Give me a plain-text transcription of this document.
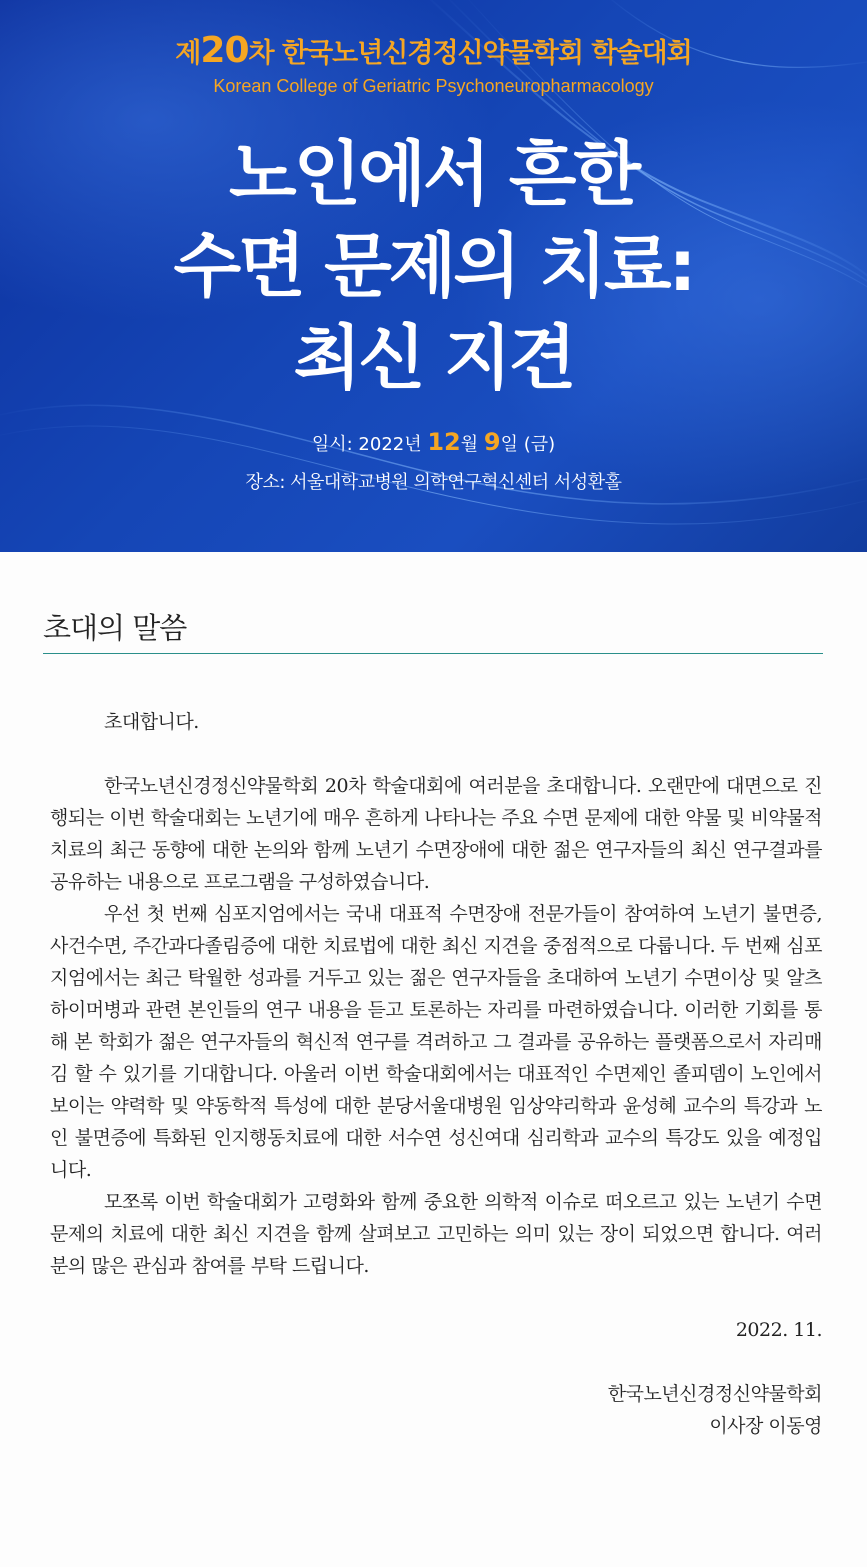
제20차 한국노년신경정신약물학회 학술대회
Korean College of Geriatric Psychoneuropharmacology
노인에서 흔한
수면 문제의 치료:
최신 지견
일시: 2022년 12월 9일 (금)
장소: 서울대학교병원 의학연구혁신센터 서성환홀
초대의 말씀

초대합니다.

한국노년신경정신약물학회 20차 학술대회에 여러분을 초대합니다. 오랜만에 대면으로 진행되는 이번 학술대회는 노년기에 매우 흔하게 나타나는 주요 수면 문제에 대한 약물 및 비약물적 치료의 최근 동향에 대한 논의와 함께 노년기 수면장애에 대한 젊은 연구자들의 최신 연구결과를 공유하는 내용으로 프로그램을 구성하였습니다.

우선 첫 번째 심포지엄에서는 국내 대표적 수면장애 전문가들이 참여하여 노년기 불면증, 사건수면, 주간과다졸림증에 대한 치료법에 대한 최신 지견을 중점적으로 다룹니다. 두 번째 심포지엄에서는 최근 탁월한 성과를 거두고 있는 젊은 연구자들을 초대하여 노년기 수면이상 및 알츠하이머병과 관련 본인들의 연구 내용을 듣고 토론하는 자리를 마련하였습니다. 이러한 기회를 통해 본 학회가 젊은 연구자들의 혁신적 연구를 격려하고 그 결과를 공유하는 플랫폼으로서 자리매김 할 수 있기를 기대합니다. 아울러 이번 학술대회에서는 대표적인 수면제인 졸피뎀이 노인에서 보이는 약력학 및 약동학적 특성에 대한 분당서울대병원 임상약리학과 윤성혜 교수의 특강과 노인 불면증에 특화된 인지행동치료에 대한 서수연 성신여대 심리학과 교수의 특강도 있을 예정입니다.

모쪼록 이번 학술대회가 고령화와 함께 중요한 의학적 이슈로 떠오르고 있는 노년기 수면 문제의 치료에 대한 최신 지견을 함께 살펴보고 고민하는 의미 있는 장이 되었으면 합니다. 여러분의 많은 관심과 참여를 부탁 드립니다.

2022. 11.

한국노년신경정신약물학회

이사장 이동영
